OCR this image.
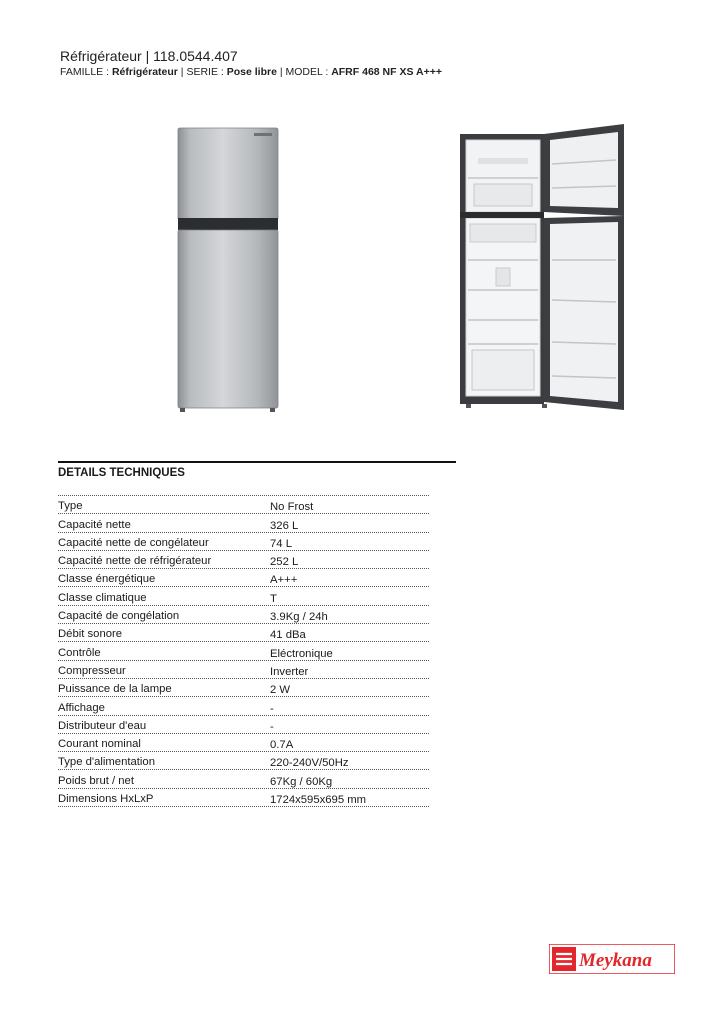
Réfrigérateur | 118.0544.407
FAMILLE : Réfrigérateur | SERIE : Pose libre | MODEL : AFRF 468 NF XS A+++
DETAILS TECHNIQUES
Type	No Frost
Capacité nette	326 L
Capacité nette de congélateur	74 L
Capacité nette de réfrigérateur	252 L
Classe énergétique	A+++
Classe climatique	T
Capacité de congélation	3.9Kg / 24h
Débit sonore	41 dBa
Contrôle	Eléctronique
Compresseur	Inverter
Puissance de la lampe	2 W
Affichage	-
Distributeur d'eau	-
Courant nominal	0.7A
Type d'alimentation	220-240V/50Hz
Poids brut / net	67Kg / 60Kg
Dimensions HxLxP	1724x595x695 mm
Meykana
